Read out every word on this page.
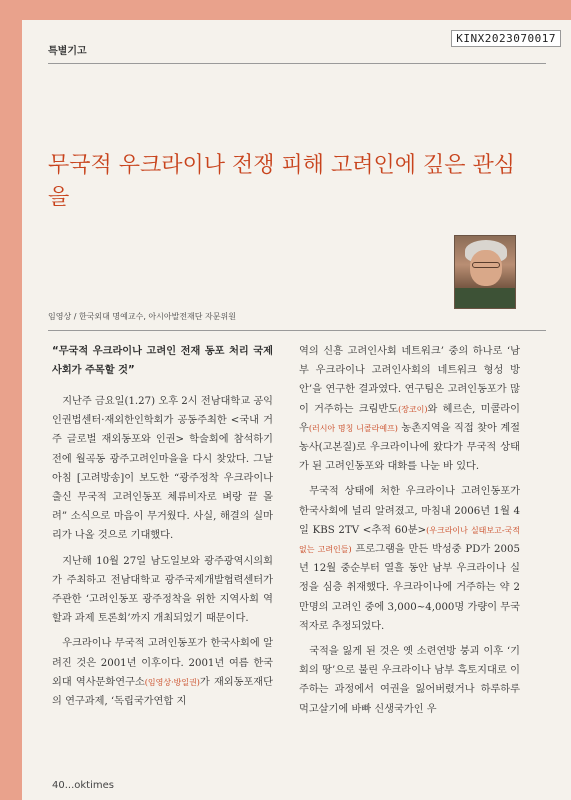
KINX2023070017
특별기고
무국적 우크라이나 전쟁 피해 고려인에 깊은 관심을
임영상 / 한국외대 명예교수, 아시아발전재단 자문위원

“무국적 우크라이나 고려인 전재 동포 처리 국제사회가 주목할 것”

지난주 금요일(1.27) 오후 2시 전남대학교 공익인권법센터·재외한인학회가 공동주최한 <국내 거주 글로벌 재외동포와 인권> 학술회에 참석하기 전에 월곡동 광주고려인마을을 다시 찾았다. 그날 아침 [고려방송]이 보도한 “광주정착 우크라이나 출신 무국적 고려인동포 체류비자로 벼랑 끝 몰려” 소식으로 마음이 무거웠다. 사실, 해결의 실마리가 나올 것으로 기대했다.

지난해 10월 27일 남도일보와 광주광역시의회가 주최하고 전남대학교 광주국제개발협력센터가 주관한 ‘고려인동포 광주정착을 위한 지역사회 역할과 과제 토론회’까지 개최되었기 때문이다.

우크라이나 무국적 고려인동포가 한국사회에 알려진 것은 2001년 이후이다. 2001년 여름 한국외대 역사문화연구소(임영상·방일권)가 재외동포재단의 연구과제, ‘독립국가연합 지

역의 신흥 고려인사회 네트워크’ 중의 하나로 ‘남부 우크라이나 고려인사회의 네트워크 형성 방안’을 연구한 결과였다. 연구팀은 고려인동포가 많이 거주하는 크림반도(장코이)와 헤르손, 미콜라이우(러시아 명칭 니콜라예프) 농촌지역을 직접 찾아 계절농사(고본질)로 우크라이나에 왔다가 무국적 상태가 된 고려인동포와 대화를 나눈 바 있다.

무국적 상태에 처한 우크라이나 고려인동포가 한국사회에 널리 알려졌고, 마침내 2006년 1월 4일 KBS 2TV <추적 60분>(우크라이나 실태보고-국적 없는 고려인들) 프로그램을 만든 박성중 PD가 2005년 12월 중순부터 열흘 동안 남부 우크라이나 실정을 심층 취재했다. 우크라이나에 거주하는 약 2만명의 고려인 중에 3,000~4,000명 가량이 무국적자로 추정되었다.

국적을 잃게 된 것은 옛 소련연방 붕괴 이후 ‘기회의 땅’으로 불린 우크라이나 남부 흑토지대로 이주하는 과정에서 여권을 잃어버렸거나 하루하루 먹고살기에 바빠 신생국가인 우

40...oktimes
